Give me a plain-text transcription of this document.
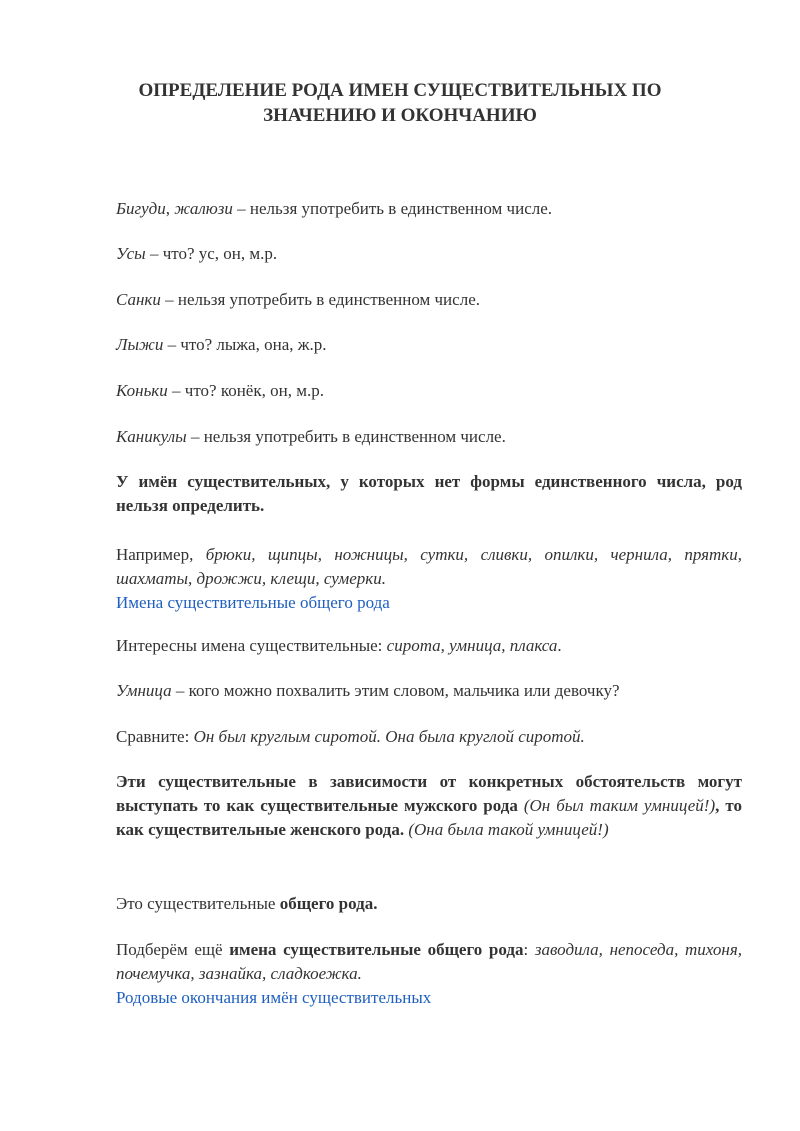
ОПРЕДЕЛЕНИЕ РОДА ИМЕН СУЩЕСТВИТЕЛЬНЫХ ПО ЗНАЧЕНИЮ И ОКОНЧАНИЮ

Бигуди, жалюзи – нельзя употребить в единственном числе.

Усы – что? ус, он, м.р.

Санки – нельзя употребить в единственном числе.

Лыжи – что? лыжа, она, ж.р.

Коньки – что? конёк, он, м.р.

Каникулы – нельзя употребить в единственном числе.

У имён существительных, у которых нет формы единственного числа, род нельзя определить.

Например, брюки, щипцы, ножницы, сутки, сливки, опилки, чернила, прятки, шахматы, дрожжи, клещи, сумерки.
Имена существительные общего рода

Интересны имена существительные: сирота, умница, плакса.

Умница – кого можно похвалить этим словом, мальчика или девочку?

Сравните: Он был круглым сиротой. Она была круглой сиротой.

Эти существительные в зависимости от конкретных обстоятельств могут выступать то как существительные мужского рода (Он был таким умницей!), то как существительные женского рода. (Она была такой умницей!)

Это существительные общего рода.

Подберём ещё имена существительные общего рода: заводила, непоседа, тихоня, почемучка, зазнайка, сладкоежка.
Родовые окончания имён существительных
